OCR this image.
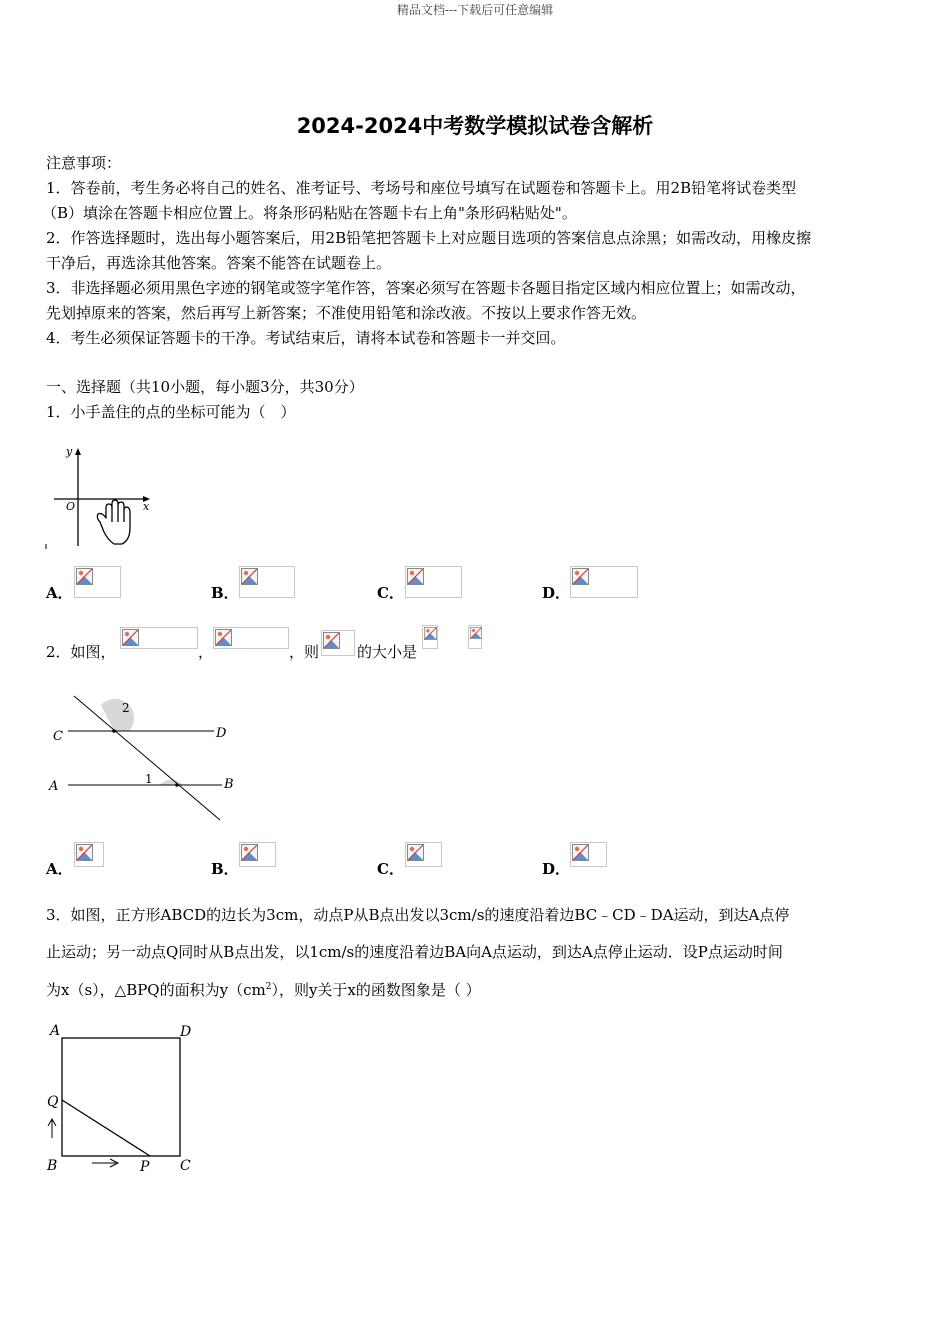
精品文档---下载后可任意编辑
2024-2024中考数学模拟试卷含解析
注意事项：
1．答卷前，考生务必将自己的姓名、准考证号、考场号和座位号填写在试题卷和答题卡上。用2B铅笔将试卷类型
（B）填涂在答题卡相应位置上。将条形码粘贴在答题卡右上角"条形码粘贴处"。
2．作答选择题时，选出每小题答案后，用2B铅笔把答题卡上对应题目选项的答案信息点涂黑；如需改动，用橡皮擦
干净后，再选涂其他答案。答案不能答在试题卷上。
3．非选择题必须用黑色字迹的钢笔或签字笔作答，答案必须写在答题卡各题目指定区域内相应位置上；如需改动，
先划掉原来的答案，然后再写上新答案；不准使用铅笔和涂改液。不按以上要求作答无效。
4．考生必须保证答题卡的干净。考试结束后，请将本试卷和答题卡一并交回。
一、选择题（共10小题，每小题3分，共30分）
1．小手盖住的点的坐标可能为（　）
y
x
O
A．	B．	C．	D．
2．如图，	，	，则	的大小是
C	D
A	B
1
2
A．	B．	C．	D．
3．如图，正方形ABCD的边长为3cm，动点P从B点出发以3cm/s的速度沿着边BC﹣CD﹣DA运动，到达A点停
止运动；另一动点Q同时从B点出发，以1cm/s的速度沿着边BA向A点运动，到达A点停止运动．设P点运动时间
为x（s），△BPQ的面积为$y(cm^2)$，则y关于x的函数图象是（ ）
A	D
Q
B	P C
